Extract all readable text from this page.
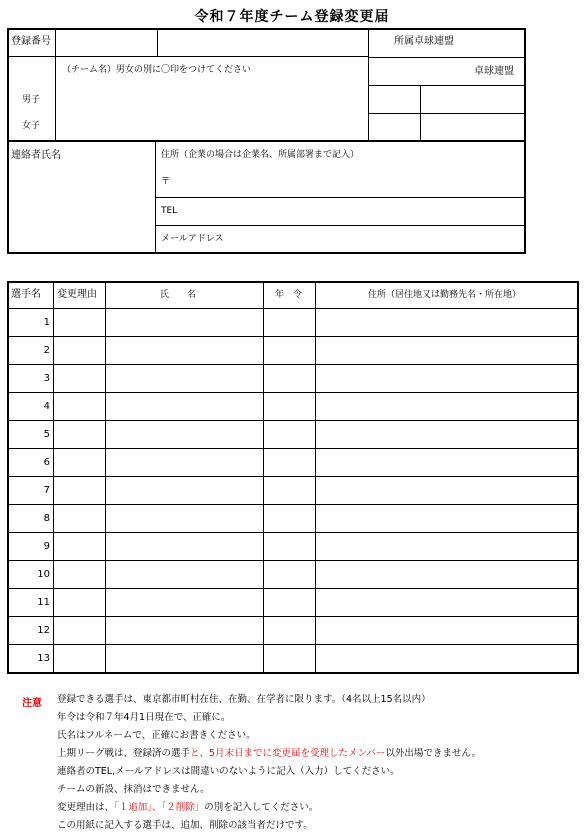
令和７年度チーム登録変更届
登録番号	所属卓球連盟
（チーム名）男女の別に〇印をつけてください	卓球連盟
男子
女子
連絡者氏名	住所（企業の場合は企業名、所属部署まで記入）
〒
TEL
メールアドレス
選手名 変更理由	氏　　名	年　令	住所（居住地又は勤務先名・所在地）
1
2
3
4
5
6
7
8
9
10
11
12
13
注意 登録できる選手は、東京都市町村在住、在勤、在学者に限ります。（4名以上15名以内）
年令は令和７年4月1日現在で、正確に。
氏名はフルネームで、正確にお書きください。
上期リーグ戦は、登録済の選手と、5月末日までに変更届を受理したメンバー以外出場できません。
連絡者のTEL,メールアドレスは間違いのないように記入（入力）してください。
チームの新設、抹消はできません。
変更理由は、「１追加」、「２削除」の別を記入してください。
この用紙に記入する選手は、追加、削除の該当者だけです。
